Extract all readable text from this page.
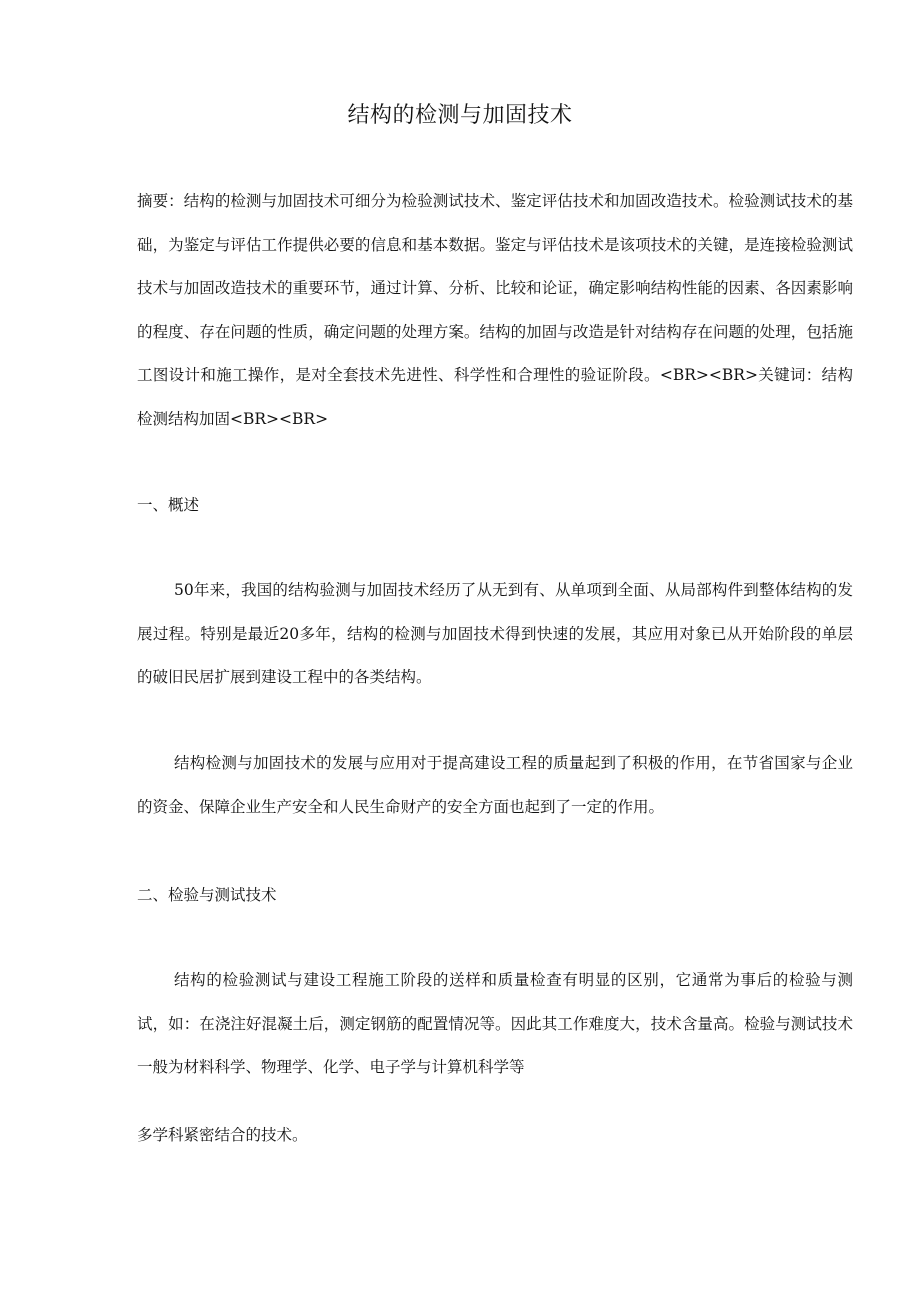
结构的检测与加固技术

摘要：结构的检测与加固技术可细分为检验测试技术、鉴定评估技术和加固改造技术。检验测试技术的基础，为鉴定与评估工作提供必要的信息和基本数据。鉴定与评估技术是该项技术的关键，是连接检验测试技术与加固改造技术的重要环节，通过计算、分析、比较和论证，确定影响结构性能的因素、各因素影响的程度、存在问题的性质，确定问题的处理方案。结构的加固与改造是针对结构存在问题的处理，包括施工图设计和施工操作，是对全套技术先进性、科学性和合理性的验证阶段。<BR><BR>关键词：结构检测结构加固<BR><BR>

一、概述

50年来，我国的结构验测与加固技术经历了从无到有、从单项到全面、从局部构件到整体结构的发展过程。特别是最近20多年，结构的检测与加固技术得到快速的发展，其应用对象已从开始阶段的单层的破旧民居扩展到建设工程中的各类结构。

结构检测与加固技术的发展与应用对于提高建设工程的质量起到了积极的作用，在节省国家与企业的资金、保障企业生产安全和人民生命财产的安全方面也起到了一定的作用。

二、检验与测试技术

结构的检验测试与建设工程施工阶段的送样和质量检查有明显的区别，它通常为事后的检验与测试，如：在浇注好混凝土后，测定钢筋的配置情况等。因此其工作难度大，技术含量高。检验与测试技术一般为材料科学、物理学、化学、电子学与计算机科学等

多学科紧密结合的技术。
